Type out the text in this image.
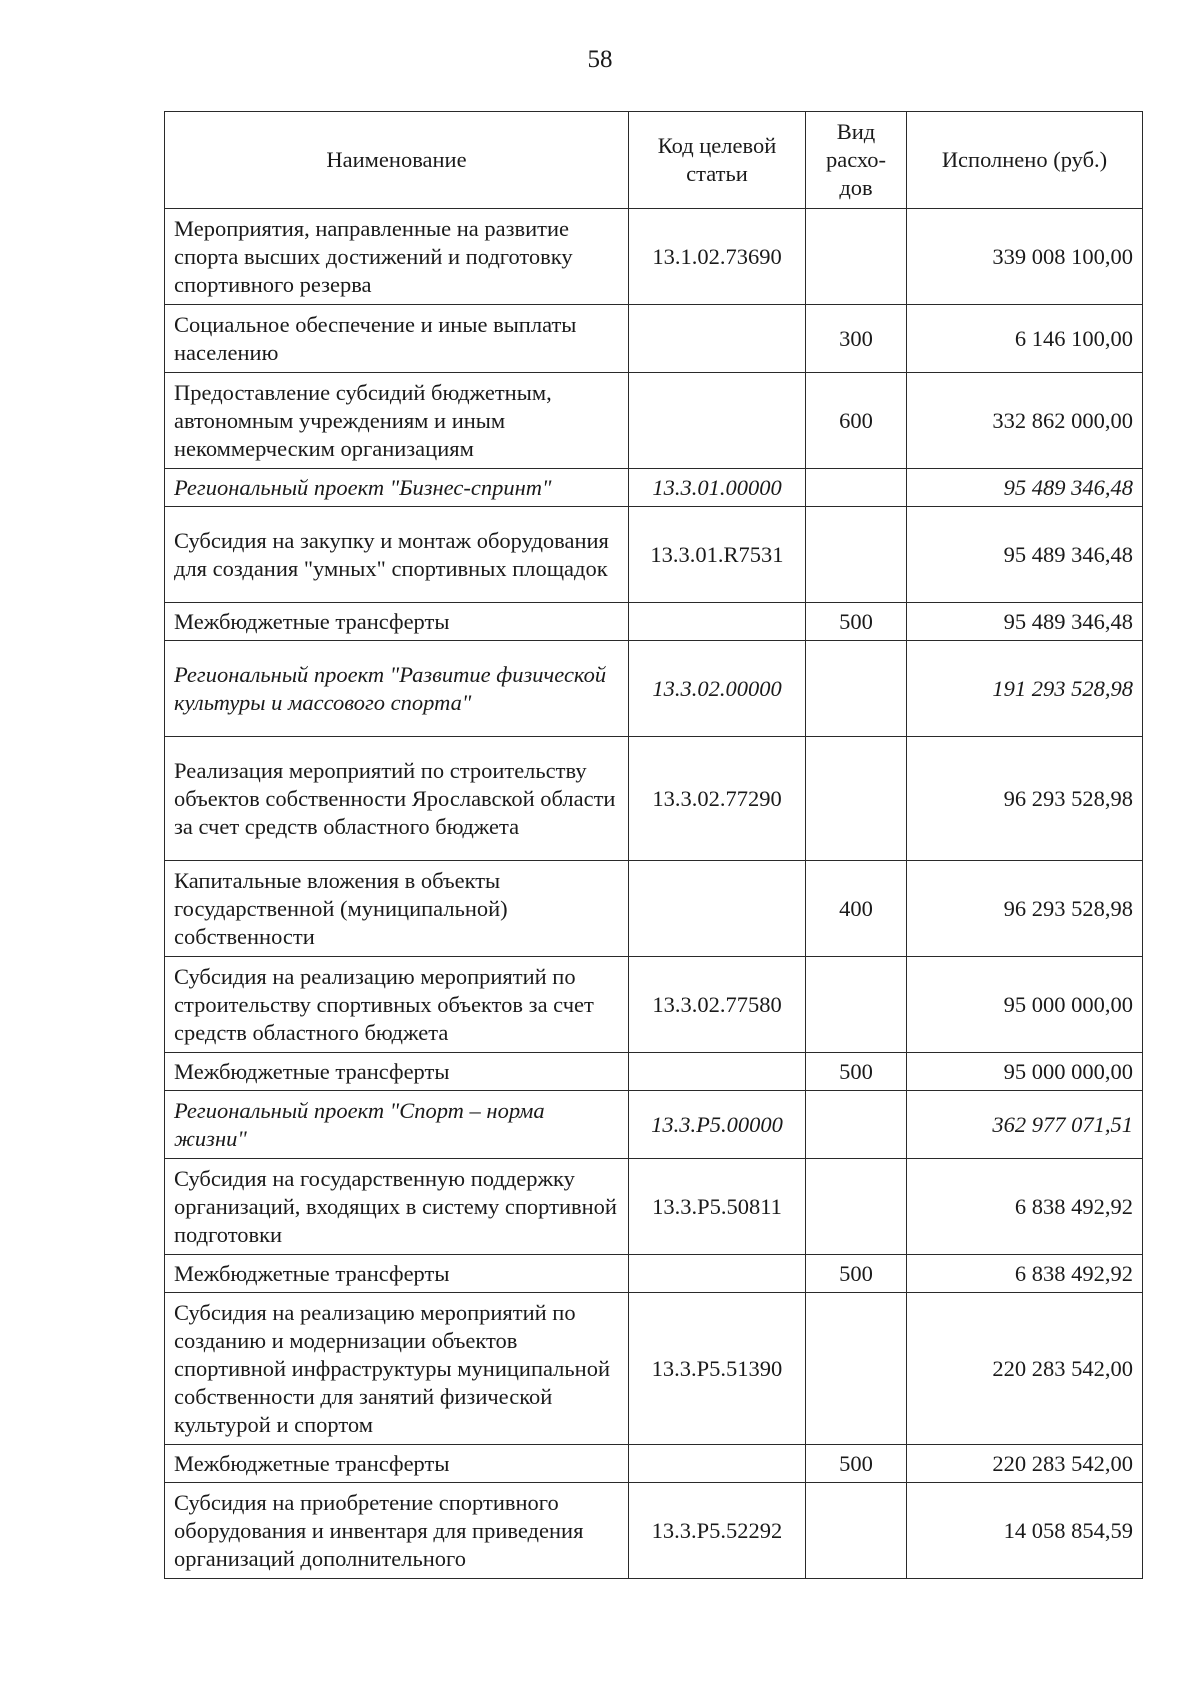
58
Наименование	Код целевой статьи	Вид расхо-дов	Исполнено (руб.)
Мероприятия, направленные на развитие спорта высших достижений и подготовку спортивного резерва	13.1.02.73690		339 008 100,00
Социальное обеспечение и иные выплаты населению		300	6 146 100,00
Предоставление субсидий бюджетным, автономным учреждениям и иным некоммерческим организациям		600	332 862 000,00
Региональный проект "Бизнес-спринт"	13.3.01.00000		95 489 346,48
Субсидия на закупку и монтаж оборудования для создания "умных" спортивных площадок	13.3.01.R7531		95 489 346,48
Межбюджетные трансферты		500	95 489 346,48
Региональный проект "Развитие физической культуры и массового спорта"	13.3.02.00000		191 293 528,98
Реализация мероприятий по строительству объектов собственности Ярославской области за счет средств областного бюджета	13.3.02.77290		96 293 528,98
Капитальные вложения в объекты государственной (муниципальной) собственности		400	96 293 528,98
Субсидия на реализацию мероприятий по строительству спортивных объектов за счет средств областного бюджета	13.3.02.77580		95 000 000,00
Межбюджетные трансферты		500	95 000 000,00
Региональный проект "Спорт – норма жизни"	13.3.Р5.00000		362 977 071,51
Субсидия на государственную поддержку организаций, входящих в систему спортивной подготовки	13.3.Р5.50811		6 838 492,92
Межбюджетные трансферты		500	6 838 492,92
Субсидия на реализацию мероприятий по созданию и модернизации объектов спортивной инфраструктуры муниципальной собственности для занятий физической культурой и спортом	13.3.Р5.51390		220 283 542,00
Межбюджетные трансферты		500	220 283 542,00
Субсидия на приобретение спортивного оборудования и инвентаря для приведения организаций дополнительного	13.3.Р5.52292		14 058 854,59
